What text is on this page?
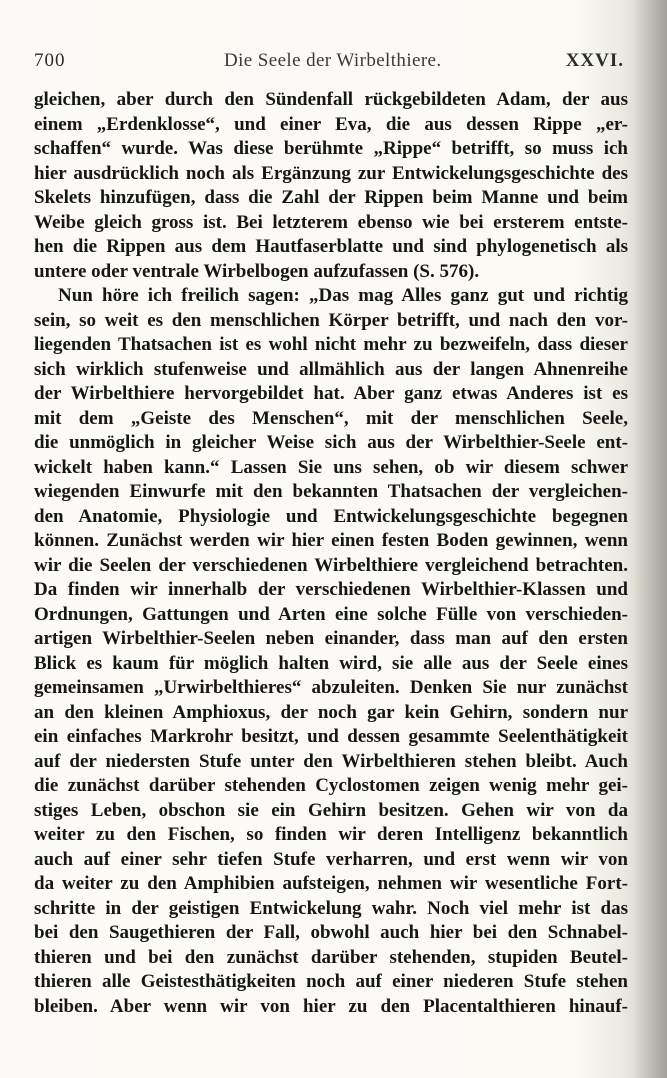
700	Die Seele der Wirbelthiere.	XXVI.
gleichen, aber durch den Sündenfall rückgebildeten Adam, der aus
einem „Erdenklosse“, und einer Eva, die aus dessen Rippe „er-
schaffen“ wurde. Was diese berühmte „Rippe“ betrifft, so muss ich
hier ausdrücklich noch als Ergänzung zur Entwickelungsgeschichte des
Skelets hinzufügen, dass die Zahl der Rippen beim Manne und beim
Weibe gleich gross ist. Bei letzterem ebenso wie bei ersterem entste-
hen die Rippen aus dem Hautfaserblatte und sind phylogenetisch als
untere oder ventrale Wirbelbogen aufzufassen (S. 576).
Nun höre ich freilich sagen: „Das mag Alles ganz gut und richtig
sein, so weit es den menschlichen Körper betrifft, und nach den vor-
liegenden Thatsachen ist es wohl nicht mehr zu bezweifeln, dass dieser
sich wirklich stufenweise und allmählich aus der langen Ahnenreihe
der Wirbelthiere hervorgebildet hat. Aber ganz etwas Anderes ist es
mit dem „Geiste des Menschen“, mit der menschlichen Seele,
die unmöglich in gleicher Weise sich aus der Wirbelthier-Seele ent-
wickelt haben kann.“ Lassen Sie uns sehen, ob wir diesem schwer
wiegenden Einwurfe mit den bekannten Thatsachen der vergleichen-
den Anatomie, Physiologie und Entwickelungsgeschichte begegnen
können. Zunächst werden wir hier einen festen Boden gewinnen, wenn
wir die Seelen der verschiedenen Wirbelthiere vergleichend betrachten.
Da finden wir innerhalb der verschiedenen Wirbelthier-Klassen und
Ordnungen, Gattungen und Arten eine solche Fülle von verschieden-
artigen Wirbelthier-Seelen neben einander, dass man auf den ersten
Blick es kaum für möglich halten wird, sie alle aus der Seele eines
gemeinsamen „Urwirbelthieres“ abzuleiten. Denken Sie nur zunächst
an den kleinen Amphioxus, der noch gar kein Gehirn, sondern nur
ein einfaches Markrohr besitzt, und dessen gesammte Seelenthätigkeit
auf der niedersten Stufe unter den Wirbelthieren stehen bleibt. Auch
die zunächst darüber stehenden Cyclostomen zeigen wenig mehr gei-
stiges Leben, obschon sie ein Gehirn besitzen. Gehen wir von da
weiter zu den Fischen, so finden wir deren Intelligenz bekanntlich
auch auf einer sehr tiefen Stufe verharren, und erst wenn wir von
da weiter zu den Amphibien aufsteigen, nehmen wir wesentliche Fort-
schritte in der geistigen Entwickelung wahr. Noch viel mehr ist das
bei den Saugethieren der Fall, obwohl auch hier bei den Schnabel-
thieren und bei den zunächst darüber stehenden, stupiden Beutel-
thieren alle Geistesthätigkeiten noch auf einer niederen Stufe stehen
bleiben. Aber wenn wir von hier zu den Placentalthieren hinauf-
